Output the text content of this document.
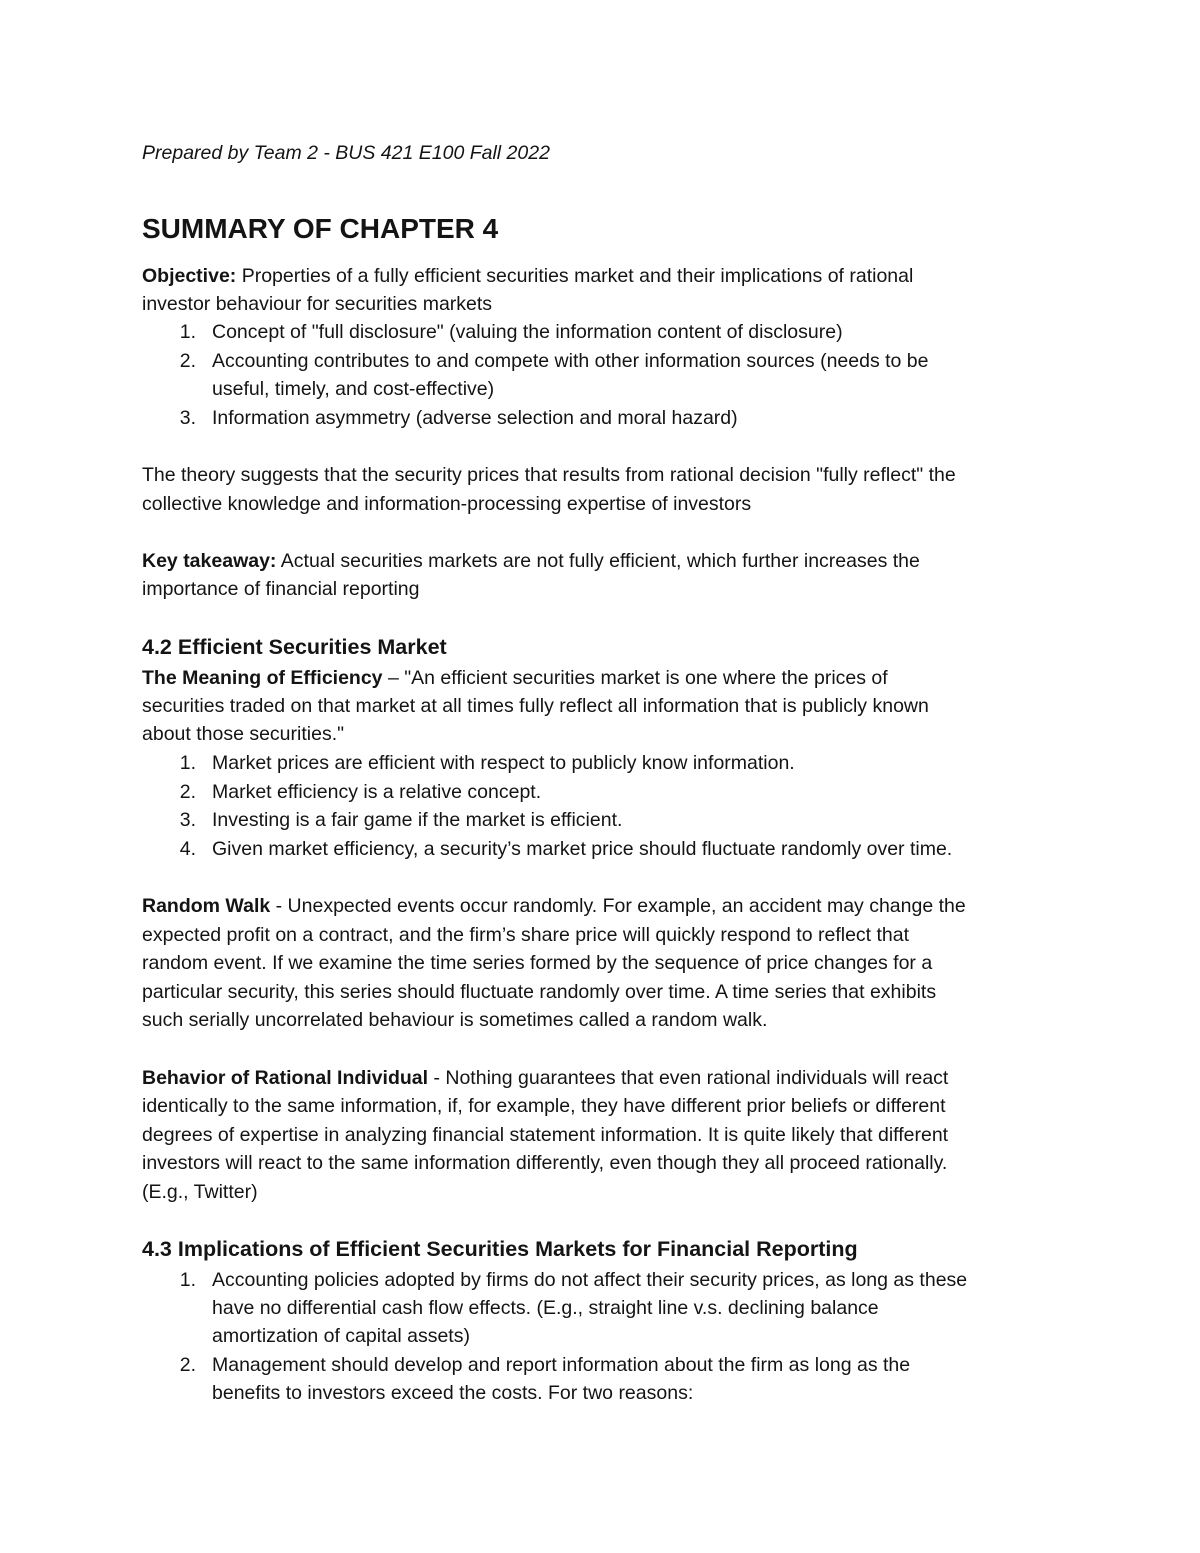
Prepared by Team 2 - BUS 421 E100 Fall 2022
SUMMARY OF CHAPTER 4
Objective: Properties of a fully efficient securities market and their implications of rational
investor behaviour for securities markets
1. Concept of "full disclosure" (valuing the information content of disclosure)
2. Accounting contributes to and compete with other information sources (needs to be
useful, timely, and cost-effective)
3. Information asymmetry (adverse selection and moral hazard)
The theory suggests that the security prices that results from rational decision "fully reflect" the
collective knowledge and information-processing expertise of investors
Key takeaway: Actual securities markets are not fully efficient, which further increases the
importance of financial reporting
4.2 Efficient Securities Market
The Meaning of Efficiency – "An efficient securities market is one where the prices of
securities traded on that market at all times fully reflect all information that is publicly known
about those securities."
1. Market prices are efficient with respect to publicly know information.
2. Market efficiency is a relative concept.
3. Investing is a fair game if the market is efficient.
4. Given market efficiency, a security’s market price should fluctuate randomly over time.
Random Walk - Unexpected events occur randomly. For example, an accident may change the
expected profit on a contract, and the firm’s share price will quickly respond to reflect that
random event. If we examine the time series formed by the sequence of price changes for a
particular security, this series should fluctuate randomly over time. A time series that exhibits
such serially uncorrelated behaviour is sometimes called a random walk.
Behavior of Rational Individual - Nothing guarantees that even rational individuals will react
identically to the same information, if, for example, they have different prior beliefs or different
degrees of expertise in analyzing financial statement information. It is quite likely that different
investors will react to the same information differently, even though they all proceed rationally.
(E.g., Twitter)
4.3 Implications of Efficient Securities Markets for Financial Reporting
1. Accounting policies adopted by firms do not affect their security prices, as long as these
have no differential cash flow effects. (E.g., straight line v.s. declining balance
amortization of capital assets)
2. Management should develop and report information about the firm as long as the
benefits to investors exceed the costs. For two reasons:
